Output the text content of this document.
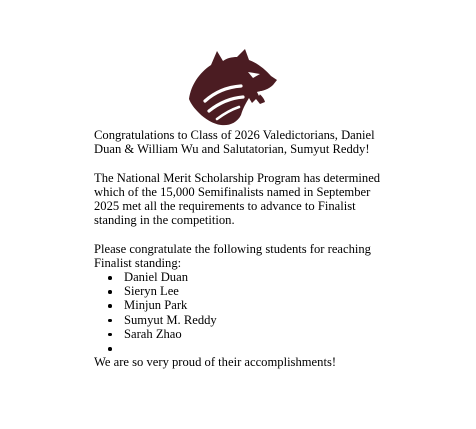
Congratulations to Class of 2026 Valedictorians, Daniel Duan & William Wu and Salutatorian, Sumyut Reddy!

The National Merit Scholarship Program has determined which of the 15,000 Semifinalists named in September 2025 met all the requirements to advance to Finalist standing in the competition.

Please congratulate the following students for reaching Finalist standing:

Daniel Duan
Sieryn Lee
Minjun Park
Sumyut M. Reddy
Sarah Zhao

We are so very proud of their accomplishments!
